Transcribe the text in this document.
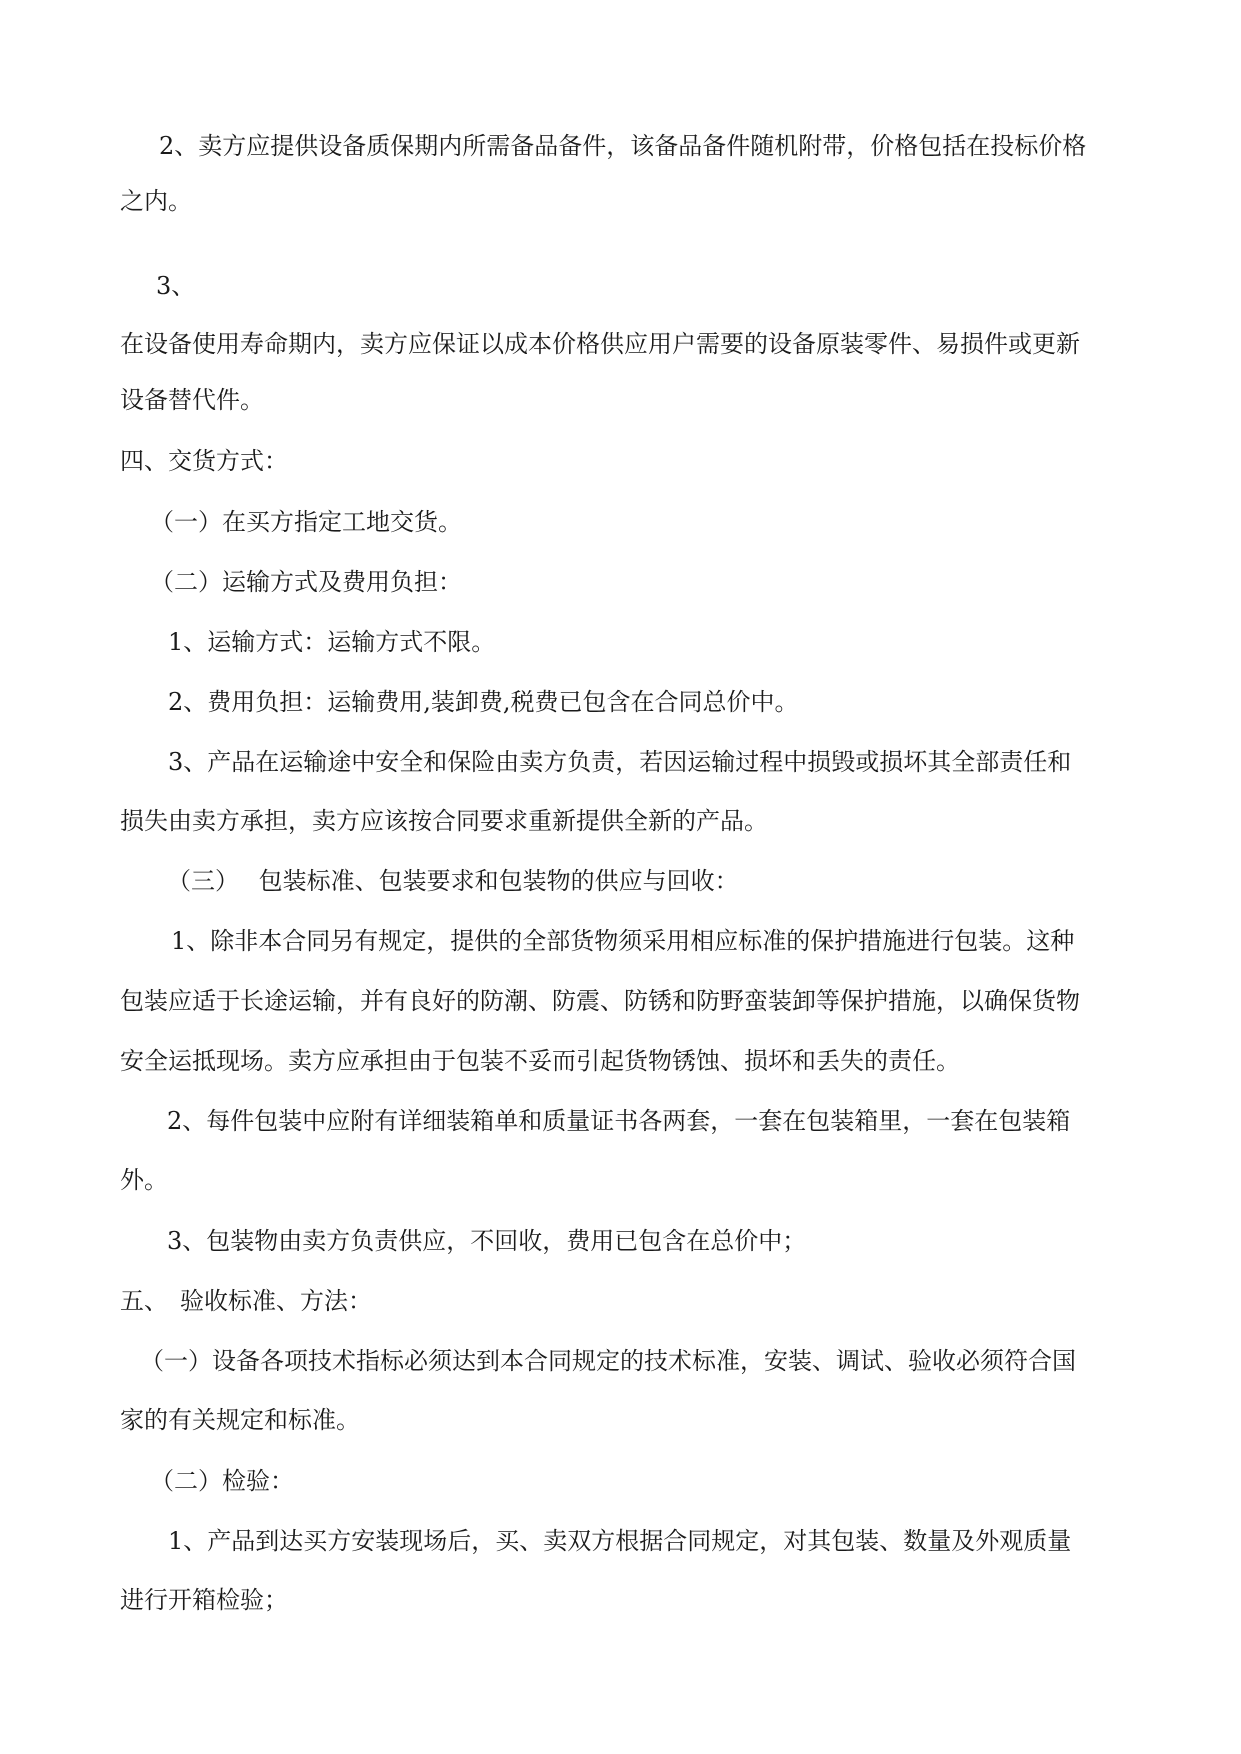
2、卖方应提供设备质保期内所需备品备件，该备品备件随机附带，价格包括在投标价格
之内。
3、
在设备使用寿命期内，卖方应保证以成本价格供应用户需要的设备原装零件、易损件或更新
设备替代件。
四、交货方式：
（一）在买方指定工地交货。
（二）运输方式及费用负担：
1、运输方式：运输方式不限。
2、费用负担：运输费用,装卸费,税费已包含在合同总价中。
3、产品在运输途中安全和保险由卖方负责，若因运输过程中损毁或损坏其全部责任和
损失由卖方承担，卖方应该按合同要求重新提供全新的产品。
（三）　 包装标准、包装要求和包装物的供应与回收：
1、除非本合同另有规定，提供的全部货物须采用相应标准的保护措施进行包装。这种
包装应适于长途运输，并有良好的防潮、防震、防锈和防野蛮装卸等保护措施，以确保货物
安全运抵现场。卖方应承担由于包装不妥而引起货物锈蚀、损坏和丢失的责任。
2、每件包装中应附有详细装箱单和质量证书各两套，一套在包装箱里，一套在包装箱
外。
3、包装物由卖方负责供应，不回收，费用已包含在总价中；
五、　验收标准、方法：
（一）设备各项技术指标必须达到本合同规定的技术标准，安装、调试、验收必须符合国
家的有关规定和标准。
（二）检验：
1、产品到达买方安装现场后，买、卖双方根据合同规定，对其包装、数量及外观质量
进行开箱检验；
